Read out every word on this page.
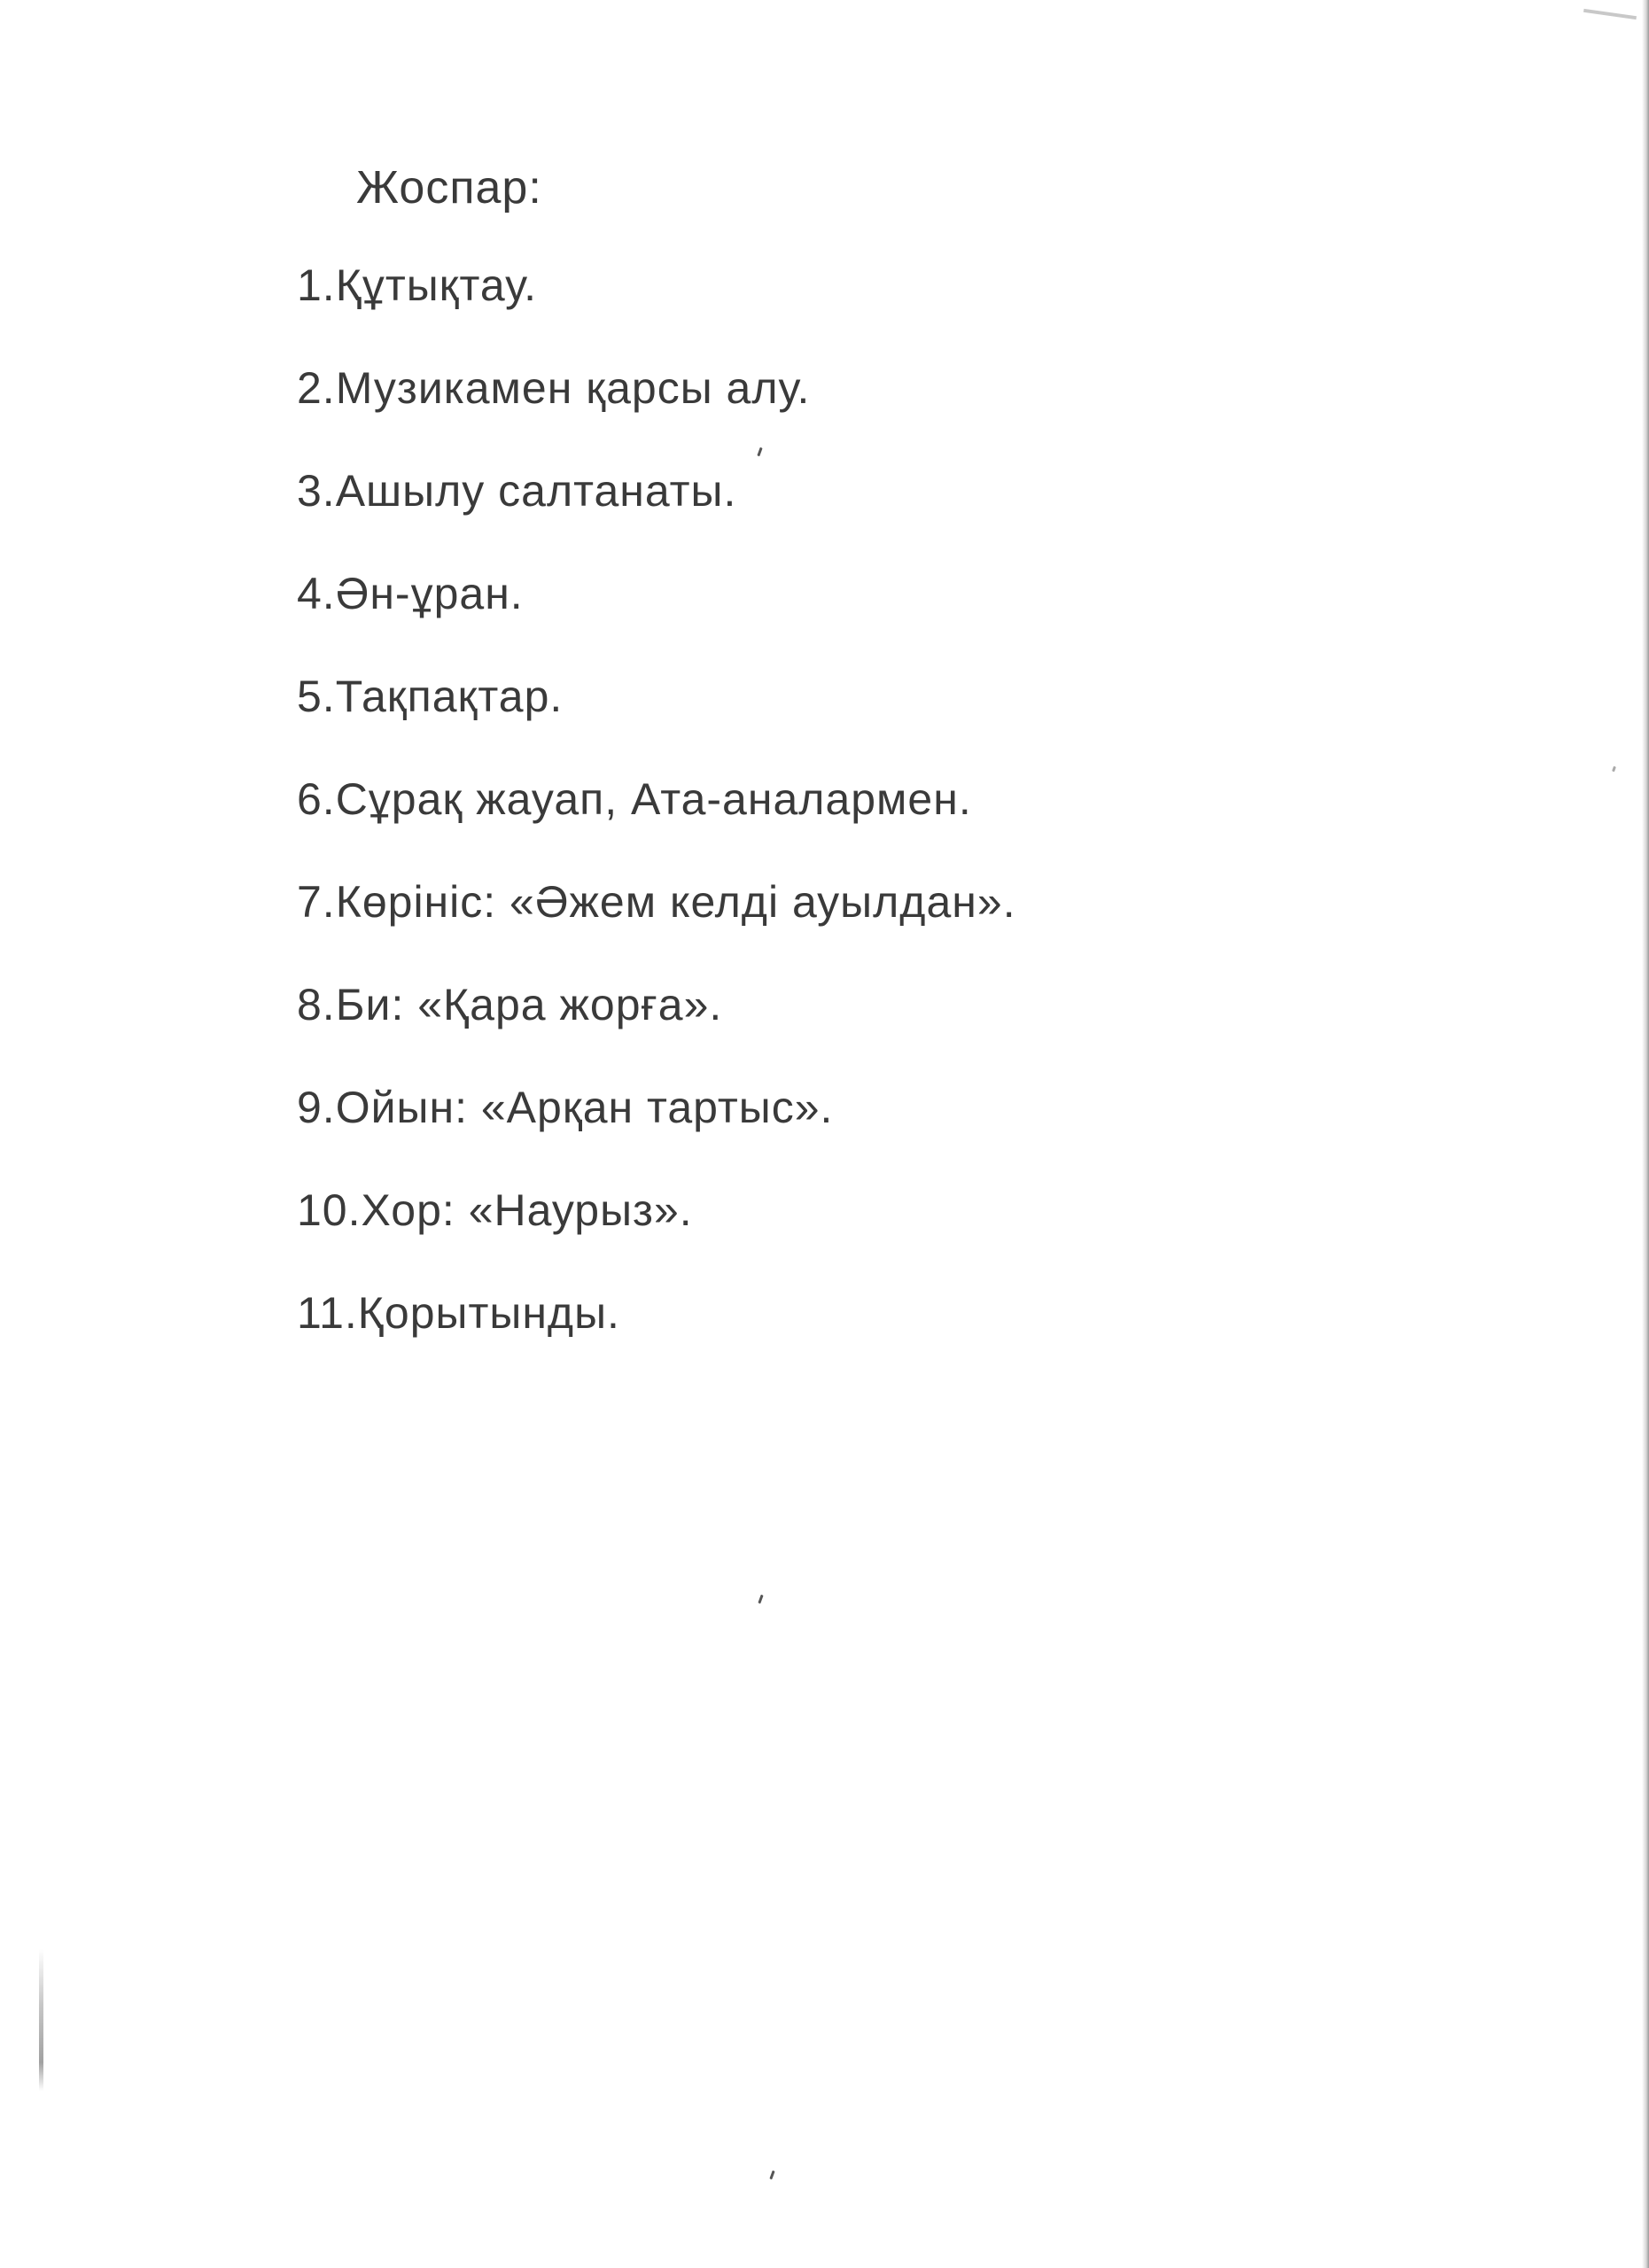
Жоспар:
1.Құтықтау.
2.Музикамен қарсы алу.
3.Ашылу салтанаты.
4.Ән-ұран.
5.Тақпақтар.
6.Сұрақ жауап, Ата-аналармен.
7.Көрініс: «Әжем келді ауылдан».
8.Би: «Қара жорға».
9.Ойын: «Арқан тартыс».
10.Хор: «Наурыз».
11.Қорытынды.
